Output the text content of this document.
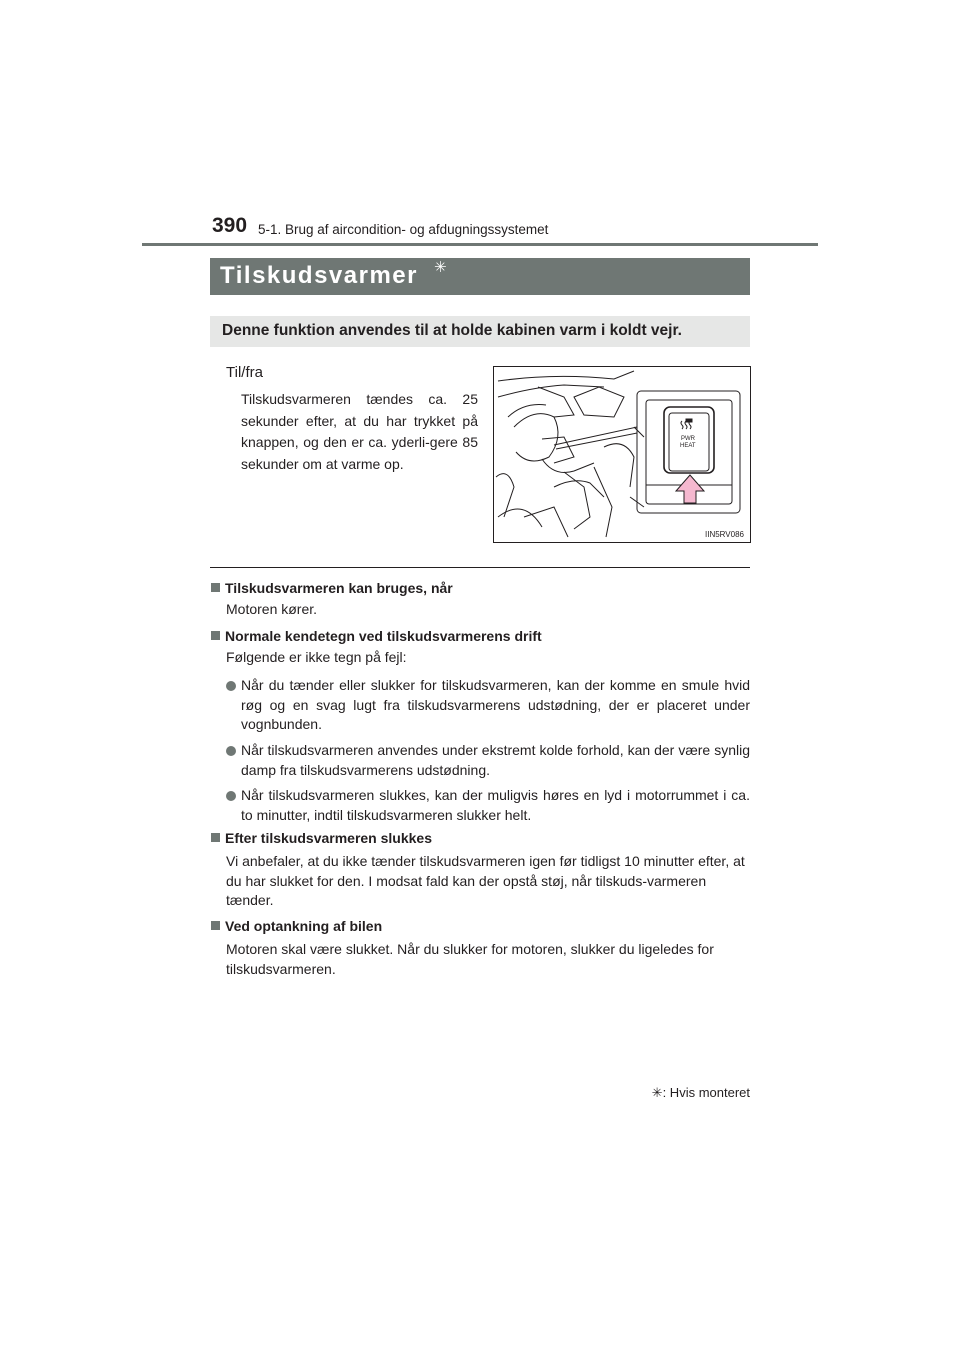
390 5-1. Brug af aircondition- og afdugningssystemet
Tilskudsvarmer ✳
Denne funktion anvendes til at holde kabinen varm i koldt vejr.
Til/fra
Tilskudsvarmeren tændes ca. 25 sekunder efter, at du har trykket på knappen, og den er ca. yderli-gere 85 sekunder om at varme op.
PWR
HEAT
IIN5RV086
Tilskudsvarmeren kan bruges, når
Motoren kører.
Normale kendetegn ved tilskudsvarmerens drift
Følgende er ikke tegn på fejl:
Når du tænder eller slukker for tilskudsvarmeren, kan der komme en smule hvid røg og en svag lugt fra tilskudsvarmerens udstødning, der er placeret under vognbunden.
Når tilskudsvarmeren anvendes under ekstremt kolde forhold, kan der være synlig damp fra tilskudsvarmerens udstødning.
Når tilskudsvarmeren slukkes, kan der muligvis høres en lyd i motorrummet i ca. to minutter, indtil tilskudsvarmeren slukker helt.
Efter tilskudsvarmeren slukkes
Vi anbefaler, at du ikke tænder tilskudsvarmeren igen før tidligst 10 minutter efter, at du har slukket for den. I modsat fald kan der opstå støj, når tilskuds-varmeren tænder.
Ved optankning af bilen
Motoren skal være slukket. Når du slukker for motoren, slukker du ligeledes for tilskudsvarmeren.
✳: Hvis monteret
